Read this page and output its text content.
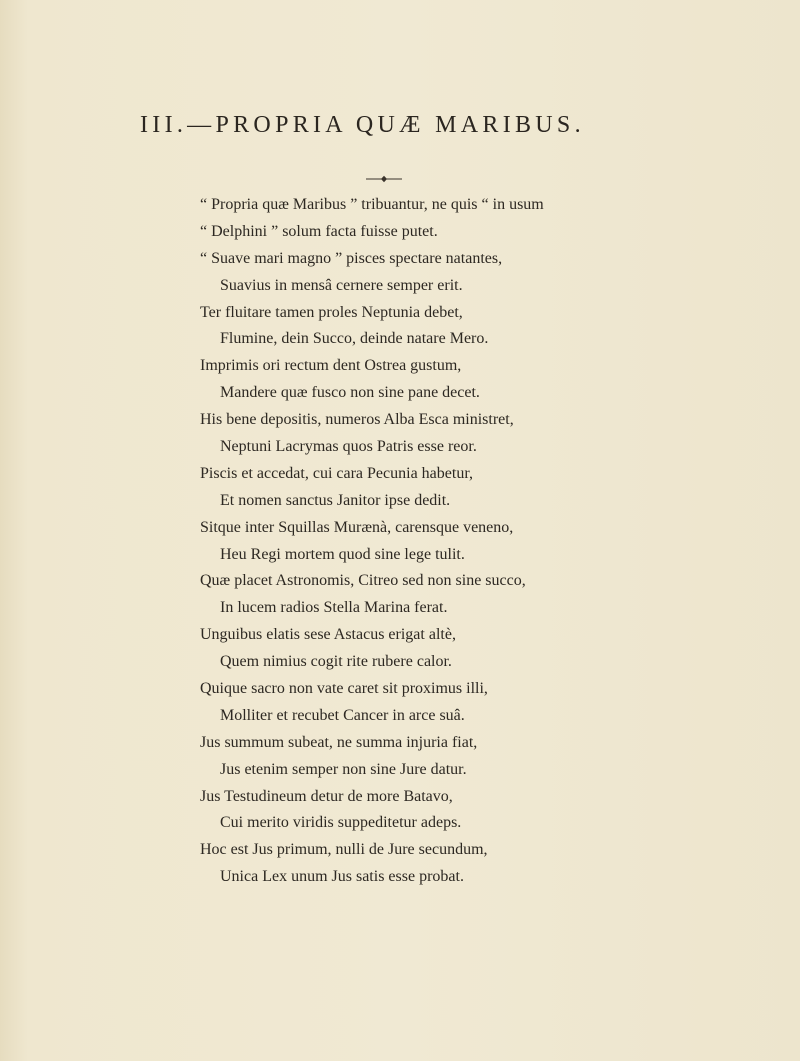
III.—PROPRIA QUÆ MARIBUS.
“ Propria quæ Maribus ” tribuantur, ne quis “ in usum
“ Delphini ” solum facta fuisse putet.
“ Suave mari magno ” pisces spectare natantes,
Suavius in mensâ cernere semper erit.
Ter fluitare tamen proles Neptunia debet,
Flumine, dein Succo, deinde natare Mero.
Imprimis ori rectum dent Ostrea gustum,
Mandere quæ fusco non sine pane decet.
His bene depositis, numeros Alba Esca ministret,
Neptuni Lacrymas quos Patris esse reor.
Piscis et accedat, cui cara Pecunia habetur,
Et nomen sanctus Janitor ipse dedit.
Sitque inter Squillas Murænà, carensque veneno,
Heu Regi mortem quod sine lege tulit.
Quæ placet Astronomis, Citreo sed non sine succo,
In lucem radios Stella Marina ferat.
Unguibus elatis sese Astacus erigat altè,
Quem nimius cogit rite rubere calor.
Quique sacro non vate caret sit proximus illi,
Molliter et recubet Cancer in arce suâ.
Jus summum subeat, ne summa injuria fiat,
Jus etenim semper non sine Jure datur.
Jus Testudineum detur de more Batavo,
Cui merito viridis suppeditetur adeps.
Hoc est Jus primum, nulli de Jure secundum,
Unica Lex unum Jus satis esse probat.
